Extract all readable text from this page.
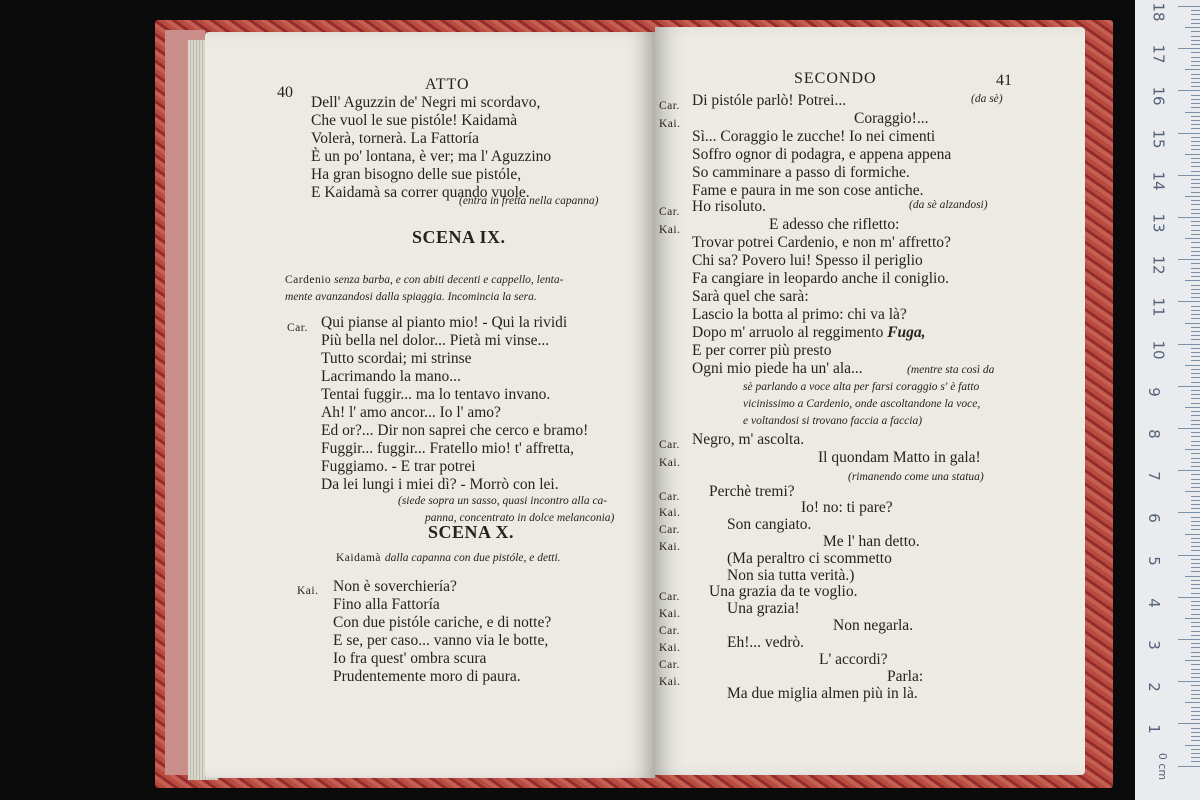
40	ATTO
Dell' Aguzzin de' Negri mi scordavo,
Che vuol le sue pistóle! Kaidamà
Volerà, tornerà. La Fattoría
È un po' lontana, è ver; ma l' Aguzzino
Ha gran bisogno delle sue pistóle,
E Kaidamà sa correr quando vuole.
(entra in fretta nella capanna)
SCENA IX.
Cardenio senza barba, e con abiti decenti e cappello, lenta-
mente avanzandosi dalla spiaggia. Incomincia la sera.
Car. Qui pianse al pianto mio! - Qui la rividi
Più bella nel dolor... Pietà mi vinse...
Tutto scordai; mi strinse
Lacrimando la mano...
Tentai fuggir... ma lo tentavo invano.
Ah! l' amo ancor... Io l' amo?
Ed or?... Dir non saprei che cerco e bramo!
Fuggir... fuggir... Fratello mio! t' affretta,
Fuggiamo. - E trar potrei
Da lei lungi i miei dì? - Morrò con lei.
(siede sopra un sasso, quasi incontro alla ca-
panna, concentrato in dolce melanconia)
SCENA X.
Kaidamà dalla capanna con due pistóle, e detti.
Kai. Non è soverchiería?
Fino alla Fattoría
Con due pistóle cariche, e di notte?
E se, per caso... vanno via le botte,
Io fra quest' ombra scura
Prudentemente moro di paura.
SECONDO	41
Car. Di pistóle parlò! Potrei...	(da sè)
Kai.	Coraggio!...
Sì... Coraggio le zucche! Io nei cimenti
Soffro ognor di podagra, e appena appena
So camminare a passo di formiche.
Fame e paura in me son cose antiche.
Car. Ho risoluto.	(da sè alzandosi)
Kai.	E adesso che rifletto:
Trovar potrei Cardenio, e non m' affretto?
Chi sa? Povero lui! Spesso il periglio
Fa cangiare in leopardo anche il coniglio.
Sarà quel che sarà:
Lascio la botta al primo: chi va là?
Dopo m' arruolo al reggimento Fuga,
E per correr più presto
Ogni mio piede ha un' ala...	(mentre sta così da
sè parlando a voce alta per farsi coraggio s' è fatto
vicinissimo a Cardenio, onde ascoltandone la voce,
e voltandosi si trovano faccia a faccia)
Car. Negro, m' ascolta.
Kai.	Il quondam Matto in gala!
(rimanendo come una statua)
Car. Perchè tremi?
Kai.	Io! no: ti pare?
Car.	Son cangiato.
Kai.	Me l' han detto.
(Ma peraltro ci scommetto
Non sia tutta verità.)
Car. Una grazia da te voglio.
Kai.	Una grazia!
Car.	Non negarla.
Kai.	Eh!... vedrò.
Car.	L' accordi?
Kai.	Parla:
Ma due miglia almen più in là.
18
17
16
15
14
13
12
11
10
9
8
7
6
5
4
3
2
1
0 cm
